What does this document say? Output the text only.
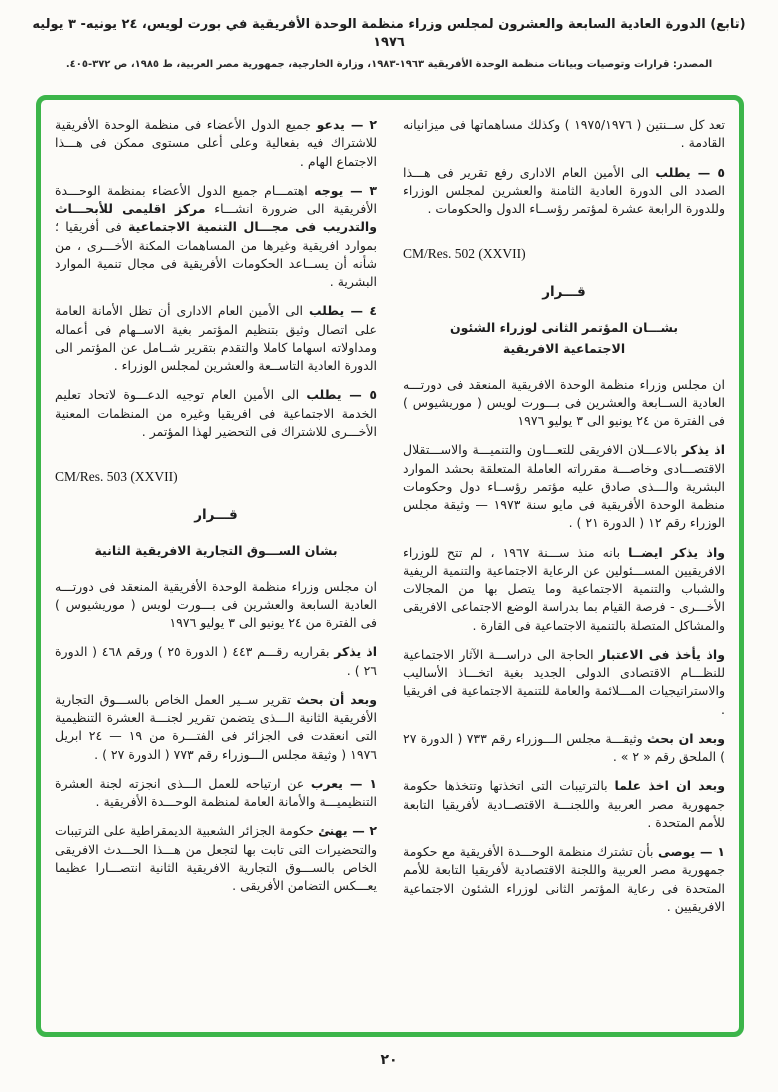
(تابع) الدورة العادية السابعة والعشرون لمجلس وزراء منظمة الوحدة الأفريقية في بورت لويس، ٢٤ يونيه- ٣ يوليه ١٩٧٦
المصدر: قرارات وتوصيات وبيانات منظمة الوحدة الأفريقية ١٩٦٣-١٩٨٣، وزارة الخارجية، جمهورية مصر العربية، ط ١٩٨٥، ص ٣٧٢-٤٠٥.

تعد كل ســنتين ( ١٩٧٥/١٩٧٦ ) وكذلك مساهماتها فى ميزانيانه القادمة .

٥ — يطلب الى الأمين العام الادارى رفع تقرير فى هـــذا الصدد الى الدورة العادية الثامنة والعشرين لمجلس الوزراء وللدورة الرابعة عشرة لمؤتمر رؤســاء الدول والحكومات .

CM/Res. 502 (XXVII)

قـــرار
بشـــان المؤتمر الثانى لوزراء الشئون الاجتماعية الافريقية

ان مجلس وزراء منظمة الوحدة الافريقية المنعقد فى دورتـــه العادية الســابعة والعشرين فى بـــورت لويس ( موريشيوس ) فى الفترة من ٢٤ يونيو الى ٣ يوليو ١٩٧٦

اذ يذكر بالاعـــلان الافريقى للتعـــاون والتنميـــة والاســـتقلال الاقتصـــادى وخاصـــة مقرراته العاملة المتعلقة بحشد الموارد البشرية والـــذى صادق عليه مؤتمر رؤســاء دول وحكومات منظمة الوحدة الأفريقية فى مايو سنة ١٩٧٣ — وثيقة مجلس الوزراء رقم ١٢ ( الدورة ٢١ ) .

واذ يذكر ايضــا بانه منذ ســـنة ١٩٦٧ ، لم تتح للوزراء الافريقيين المســـئولين عن الرعاية الاجتماعية والتنمية الريفية والشباب والتنمية الاجتماعية وما يتصل بها من المجالات الأخـــرى - فرصة القيام بما بدراسة الوضع الاجتماعى الافريقى والمشاكل المتصلة بالتنمية الاجتماعية فى القارة .

واذ يأخذ فى الاعتبار الحاجة الى دراســـة الآثار الاجتماعية للنظـــام الاقتصادى الدولى الجديد بغية اتخـــاذ الأساليب والاستراتيجيات المـــلائمة والعامة للتنمية الاجتماعية فى افريقيا .

وبعد ان بحث وثيقـــة مجلس الـــوزراء رقم ٧٣٣ ( الدورة ٢٧ ) الملحق رقم « ٢ » .

وبعد ان اخذ علما بالترتيبات التى اتخذتها وتتخذها حكومة جمهورية مصر العربية واللجنـــة الاقتصــادية لأفريقيا التابعة للأمم المتحدة .

١ — يوصى بأن تشترك منظمة الوحـــدة الأفريقية مع حكومة جمهورية مصر العربية واللجنة الاقتصادية لأفريقيا التابعة للأمم المتحدة فى رعاية المؤتمر الثانى لوزراء الشئون الاجتماعية الافريقيين .

٢ — يدعو جميع الدول الأعضاء فى منظمة الوحدة الأفريقية للاشتراك فيه بفعالية وعلى أعلى مستوى ممكن فى هـــذا الاجتماع الهام .

٣ — يوجه اهتمـــام جميع الدول الأعضاء بمنظمة الوحـــدة الأفريقية الى ضرورة انشـــاء مركز اقليمى للأبحـــاث والتدريب فى مجـــال التنمية الاجتماعية فى أفريقيا ؛ بموارد افريقية وغيرها من المساهمات المكنة الأخـــرى ، من شأنه أن يســاعد الحكومات الأفريقية فى مجال تنمية الموارد البشرية .

٤ — يطلب الى الأمين العام الادارى أن تظل الأمانة العامة على اتصال وثيق بتنظيم المؤتمر بغية الاســهام فى أعماله ومداولاته اسهاما كاملا والتقدم بتقرير شــامل عن المؤتمر الى الدورة العادية التاســعة والعشرين لمجلس الوزراء .

٥ — يطلب الى الأمين العام توجيه الدعـــوة لاتحاد تعليم الخدمة الاجتماعية فى افريقيا وغيره من المنظمات المعنية الأخـــرى للاشتراك فى التحضير لهذا المؤتمر .

CM/Res. 503 (XXVII)

قـــرار
بشان الســـوق التجارية الافريقية الثانية

ان مجلس وزراء منظمة الوحدة الأفريقية المنعقد فى دورتـــه العادية السابعة والعشرين فى بـــورت لويس ( موريشيوس ) فى الفترة من ٢٤ يونيو الى ٣ يوليو ١٩٧٦

اذ يذكر بقراريه رقـــم ٤٤٣ ( الدورة ٢٥ ) ورقم ٤٦٨ ( الدورة ٢٦ ) .

وبعد أن بحث تقرير ســير العمل الخاص بالســـوق التجارية الأفريقية الثانية الـــذى يتضمن تقرير لجنـــة العشرة التنظيمية التى انعقدت فى الجزائر فى الفتـــرة من ١٩ — ٢٤ ابريل ١٩٧٦ ( وثيقة مجلس الـــوزراء رقم ٧٧٣ ( الدورة ٢٧ ) .

١ — يعرب عن ارتياحه للعمل الـــذى انجزته لجنة العشرة التنظيميـــة والأمانة العامة لمنظمة الوحـــدة الأفريقية .

٢ — يهنئ حكومة الجزائر الشعبية الديمقراطية على الترتيبات والتحضيرات التى تابت بها لتجعل من هـــذا الحـــدث الافريقى الخاص بالســـوق التجارية الافريقية الثانية انتصـــارا عظيما يعـــكس التضامن الأفريقى .

٢٠
